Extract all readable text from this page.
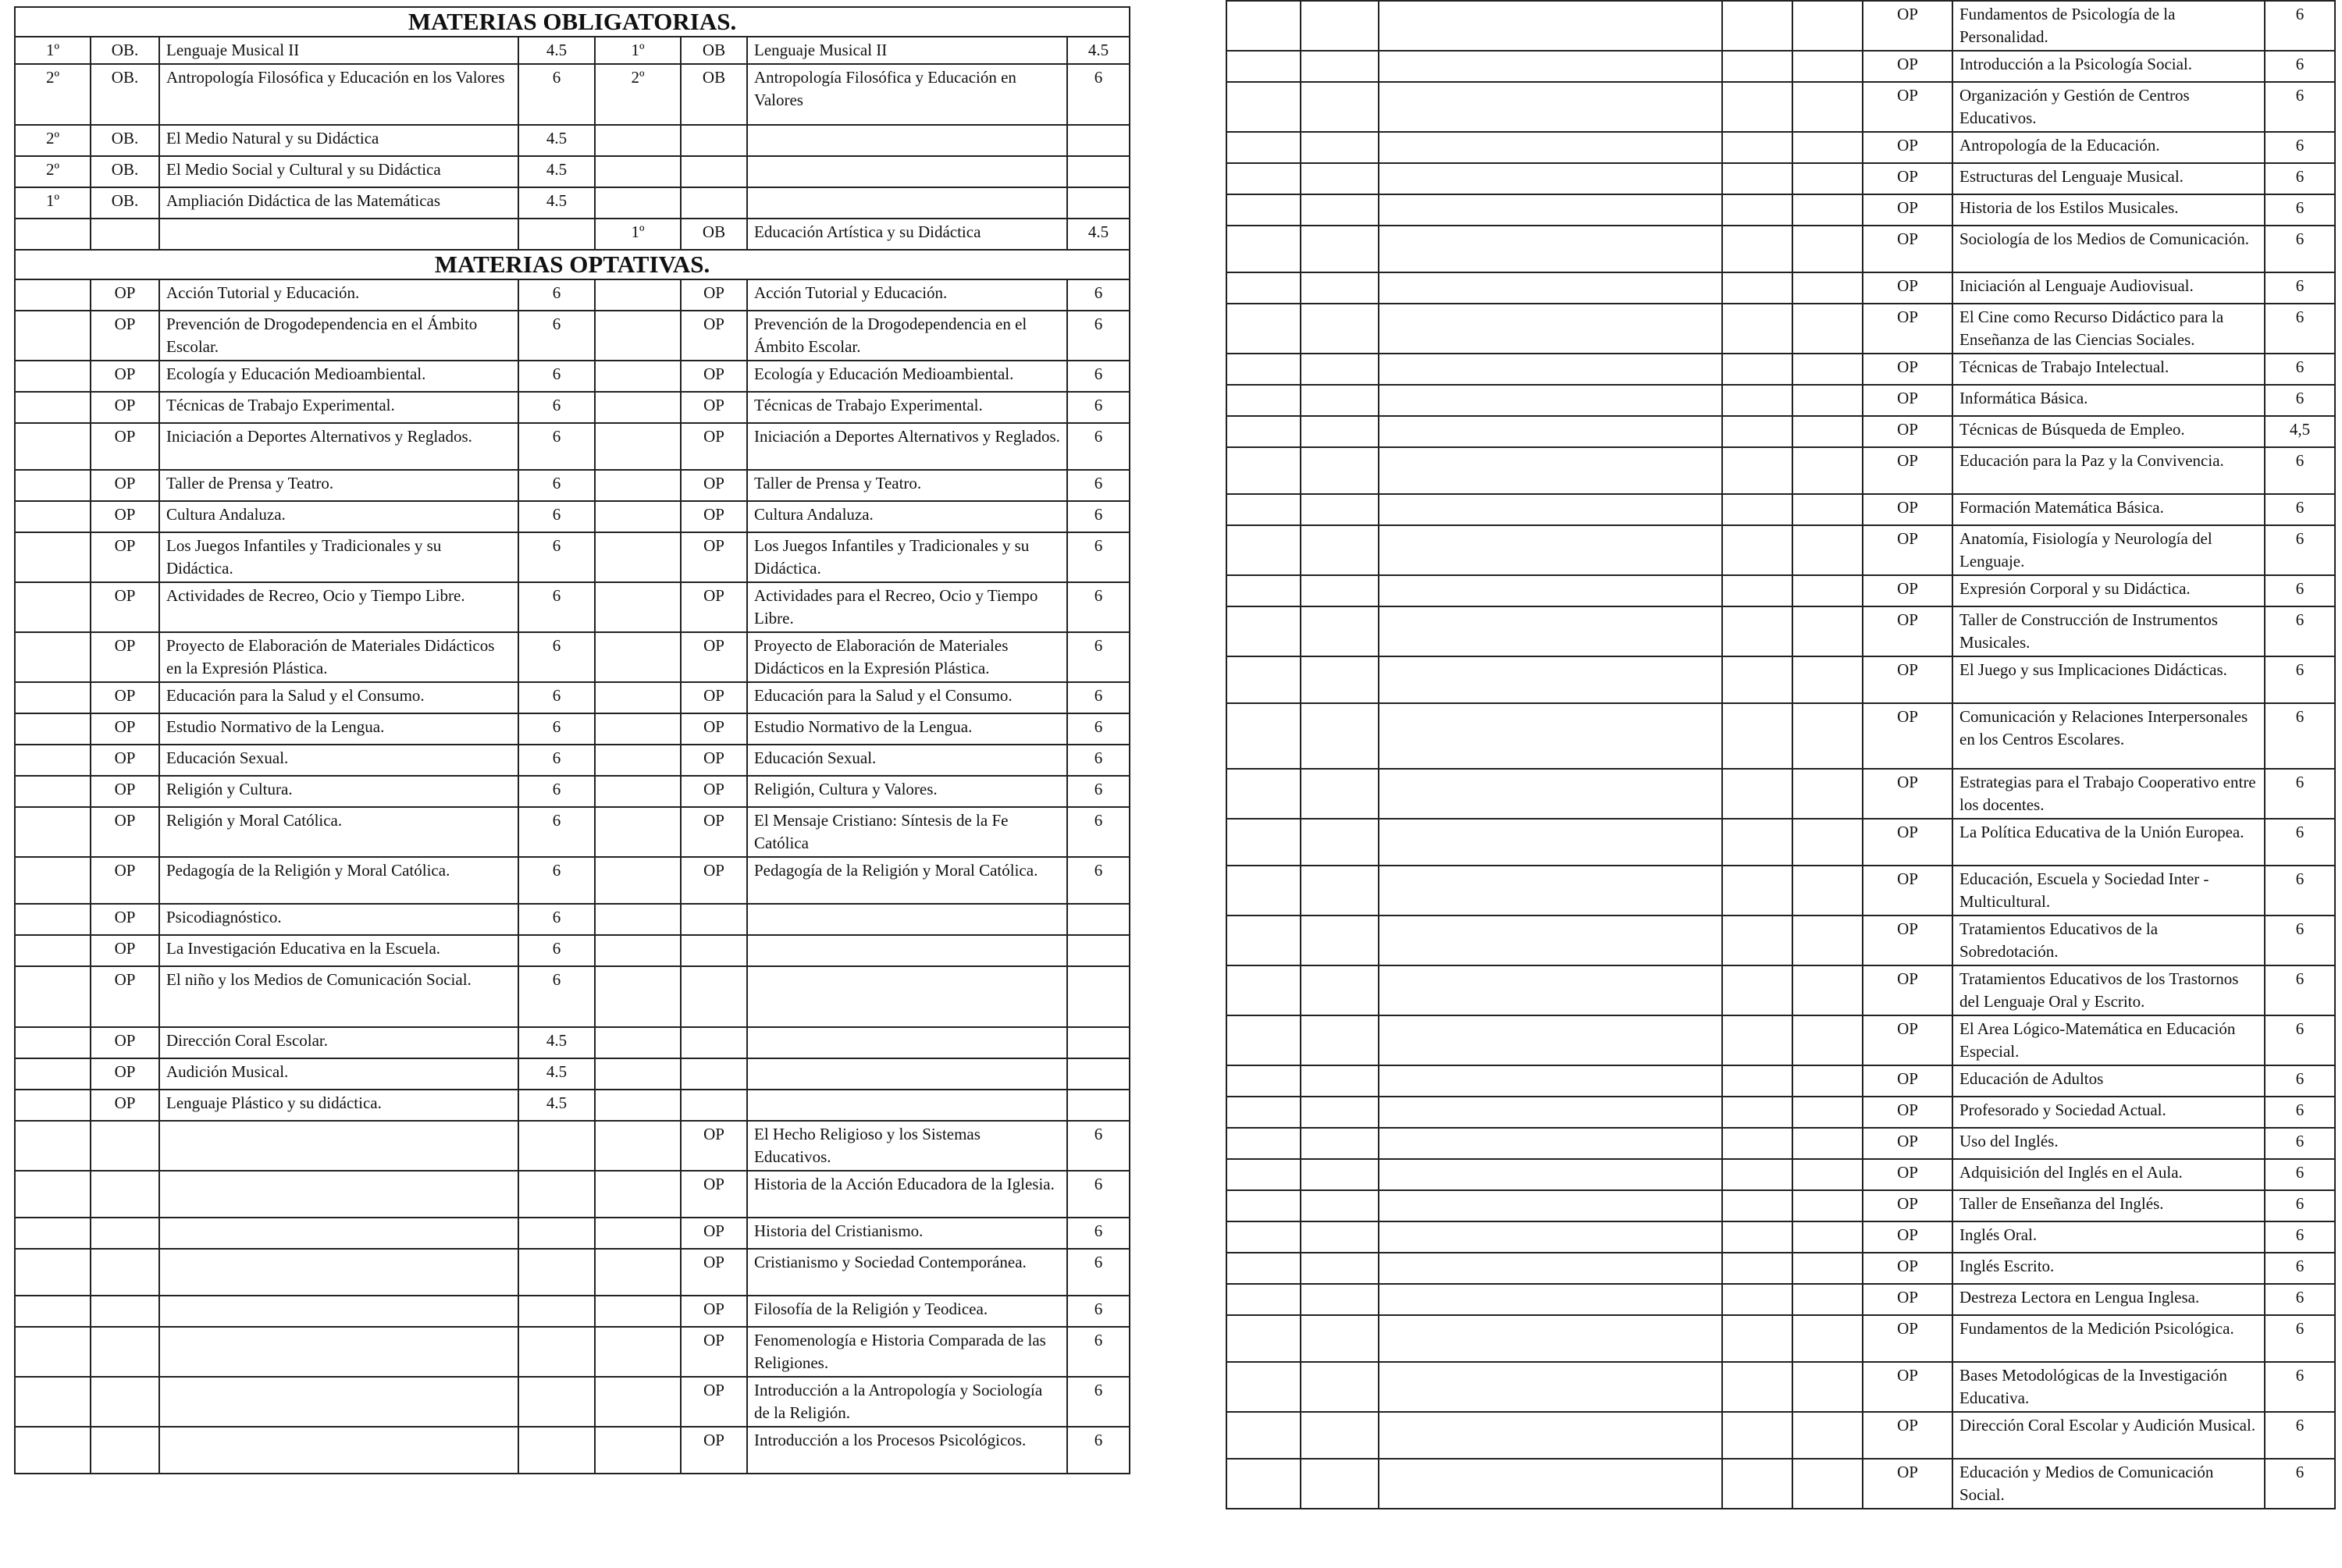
MATERIAS OBLIGATORIAS.							
1º	OB.	Lenguaje Musical II	4.5	1º	OB	Lenguaje Musical II	4.5
2º	OB.	Antropología Filosófica y Educación en los Valores	6	2º	OB	Antropología Filosófica y Educación en Valores	6
2º	OB.	El Medio Natural y su Didáctica	4.5				
2º	OB.	El Medio Social y Cultural y su Didáctica	4.5				
1º	OB.	Ampliación Didáctica de las Matemáticas	4.5				
				1º	OB	Educación Artística y su Didáctica	4.5
MATERIAS OPTATIVAS.							
	OP	Acción Tutorial y Educación.	6		OP	Acción Tutorial y Educación.	6
	OP	Prevención de Drogodependencia en el Ámbito Escolar.	6		OP	Prevención de la Drogodependencia en el Ámbito Escolar.	6
	OP	Ecología y Educación Medioambiental.	6		OP	Ecología y Educación Medioambiental.	6
	OP	Técnicas de Trabajo Experimental.	6		OP	Técnicas de Trabajo Experimental.	6
	OP	Iniciación a Deportes Alternativos y Reglados.	6		OP	Iniciación a Deportes Alternativos y Reglados.	6
	OP	Taller de Prensa y Teatro.	6		OP	Taller de Prensa y Teatro.	6
	OP	Cultura Andaluza.	6		OP	Cultura Andaluza.	6
	OP	Los Juegos Infantiles y Tradicionales y su Didáctica.	6		OP	Los Juegos Infantiles y Tradicionales y su Didáctica.	6
	OP	Actividades de Recreo, Ocio y Tiempo Libre.	6		OP	Actividades para el Recreo, Ocio y Tiempo Libre.	6
	OP	Proyecto de Elaboración de Materiales Didácticos en la Expresión Plástica.	6		OP	Proyecto de Elaboración de Materiales Didácticos en la Expresión Plástica.	6
	OP	Educación para la Salud y el Consumo.	6		OP	Educación para la Salud y el Consumo.	6
	OP	Estudio Normativo de la Lengua.	6		OP	Estudio Normativo de la Lengua.	6
	OP	Educación Sexual.	6		OP	Educación Sexual.	6
	OP	Religión y Cultura.	6		OP	Religión, Cultura y Valores.	6
	OP	Religión y Moral Católica.	6		OP	El Mensaje Cristiano: Síntesis de la Fe Católica	6
	OP	Pedagogía de la Religión y Moral Católica.	6		OP	Pedagogía de la Religión y Moral Católica.	6
	OP	Psicodiagnóstico.	6				
	OP	La Investigación Educativa en la Escuela.	6				
	OP	El niño y los Medios de Comunicación Social.	6				
	OP	Dirección Coral Escolar.	4.5				
	OP	Audición Musical.	4.5				
	OP	Lenguaje Plástico y su didáctica.	4.5				
					OP	El Hecho Religioso y los Sistemas Educativos.	6
					OP	Historia de la Acción Educadora de la Iglesia.	6
					OP	Historia del Cristianismo.	6
					OP	Cristianismo y Sociedad Contemporánea.	6
					OP	Filosofía de la Religión y Teodicea.	6
					OP	Fenomenología e Historia Comparada de las Religiones.	6
					OP	Introducción a la Antropología y Sociología de la Religión.	6
					OP	Introducción a los Procesos Psicológicos.	6
					OP	Fundamentos de Psicología de la Personalidad.	6
					OP	Introducción a la Psicología Social.	6
					OP	Organización y Gestión de Centros Educativos.	6
					OP	Antropología de la Educación.	6
					OP	Estructuras del Lenguaje Musical.	6
					OP	Historia de los Estilos Musicales.	6
					OP	Sociología de los Medios de Comunicación.	6
					OP	Iniciación al Lenguaje Audiovisual.	6
					OP	El Cine como Recurso Didáctico para la Enseñanza de las Ciencias Sociales.	6
					OP	Técnicas de Trabajo Intelectual.	6
					OP	Informática Básica.	6
					OP	Técnicas de Búsqueda de Empleo.	4,5
					OP	Educación para la Paz y la Convivencia.	6
					OP	Formación Matemática Básica.	6
					OP	Anatomía, Fisiología y Neurología del Lenguaje.	6
					OP	Expresión Corporal y su Didáctica.	6
					OP	Taller de Construcción de Instrumentos Musicales.	6
					OP	El Juego y sus Implicaciones Didácticas.	6
					OP	Comunicación y Relaciones Interpersonales en los Centros Escolares.	6
					OP	Estrategias para el Trabajo Cooperativo entre los docentes.	6
					OP	La Política Educativa de la Unión Europea.	6
					OP	Educación, Escuela y Sociedad Inter - Multicultural.	6
					OP	Tratamientos Educativos de la Sobredotación.	6
					OP	Tratamientos Educativos de los Trastornos del Lenguaje Oral y Escrito.	6
					OP	El Area Lógico-Matemática en Educación Especial.	6
					OP	Educación de Adultos	6
					OP	Profesorado y Sociedad Actual.	6
					OP	Uso del Inglés.	6
					OP	Adquisición del Inglés en el Aula.	6
					OP	Taller de Enseñanza del Inglés.	6
					OP	Inglés Oral.	6
					OP	Inglés Escrito.	6
					OP	Destreza Lectora en Lengua Inglesa.	6
					OP	Fundamentos de la Medición Psicológica.	6
					OP	Bases Metodológicas de la Investigación Educativa.	6
					OP	Dirección Coral Escolar y Audición Musical.	6
					OP	Educación y Medios de Comunicación Social.	6
